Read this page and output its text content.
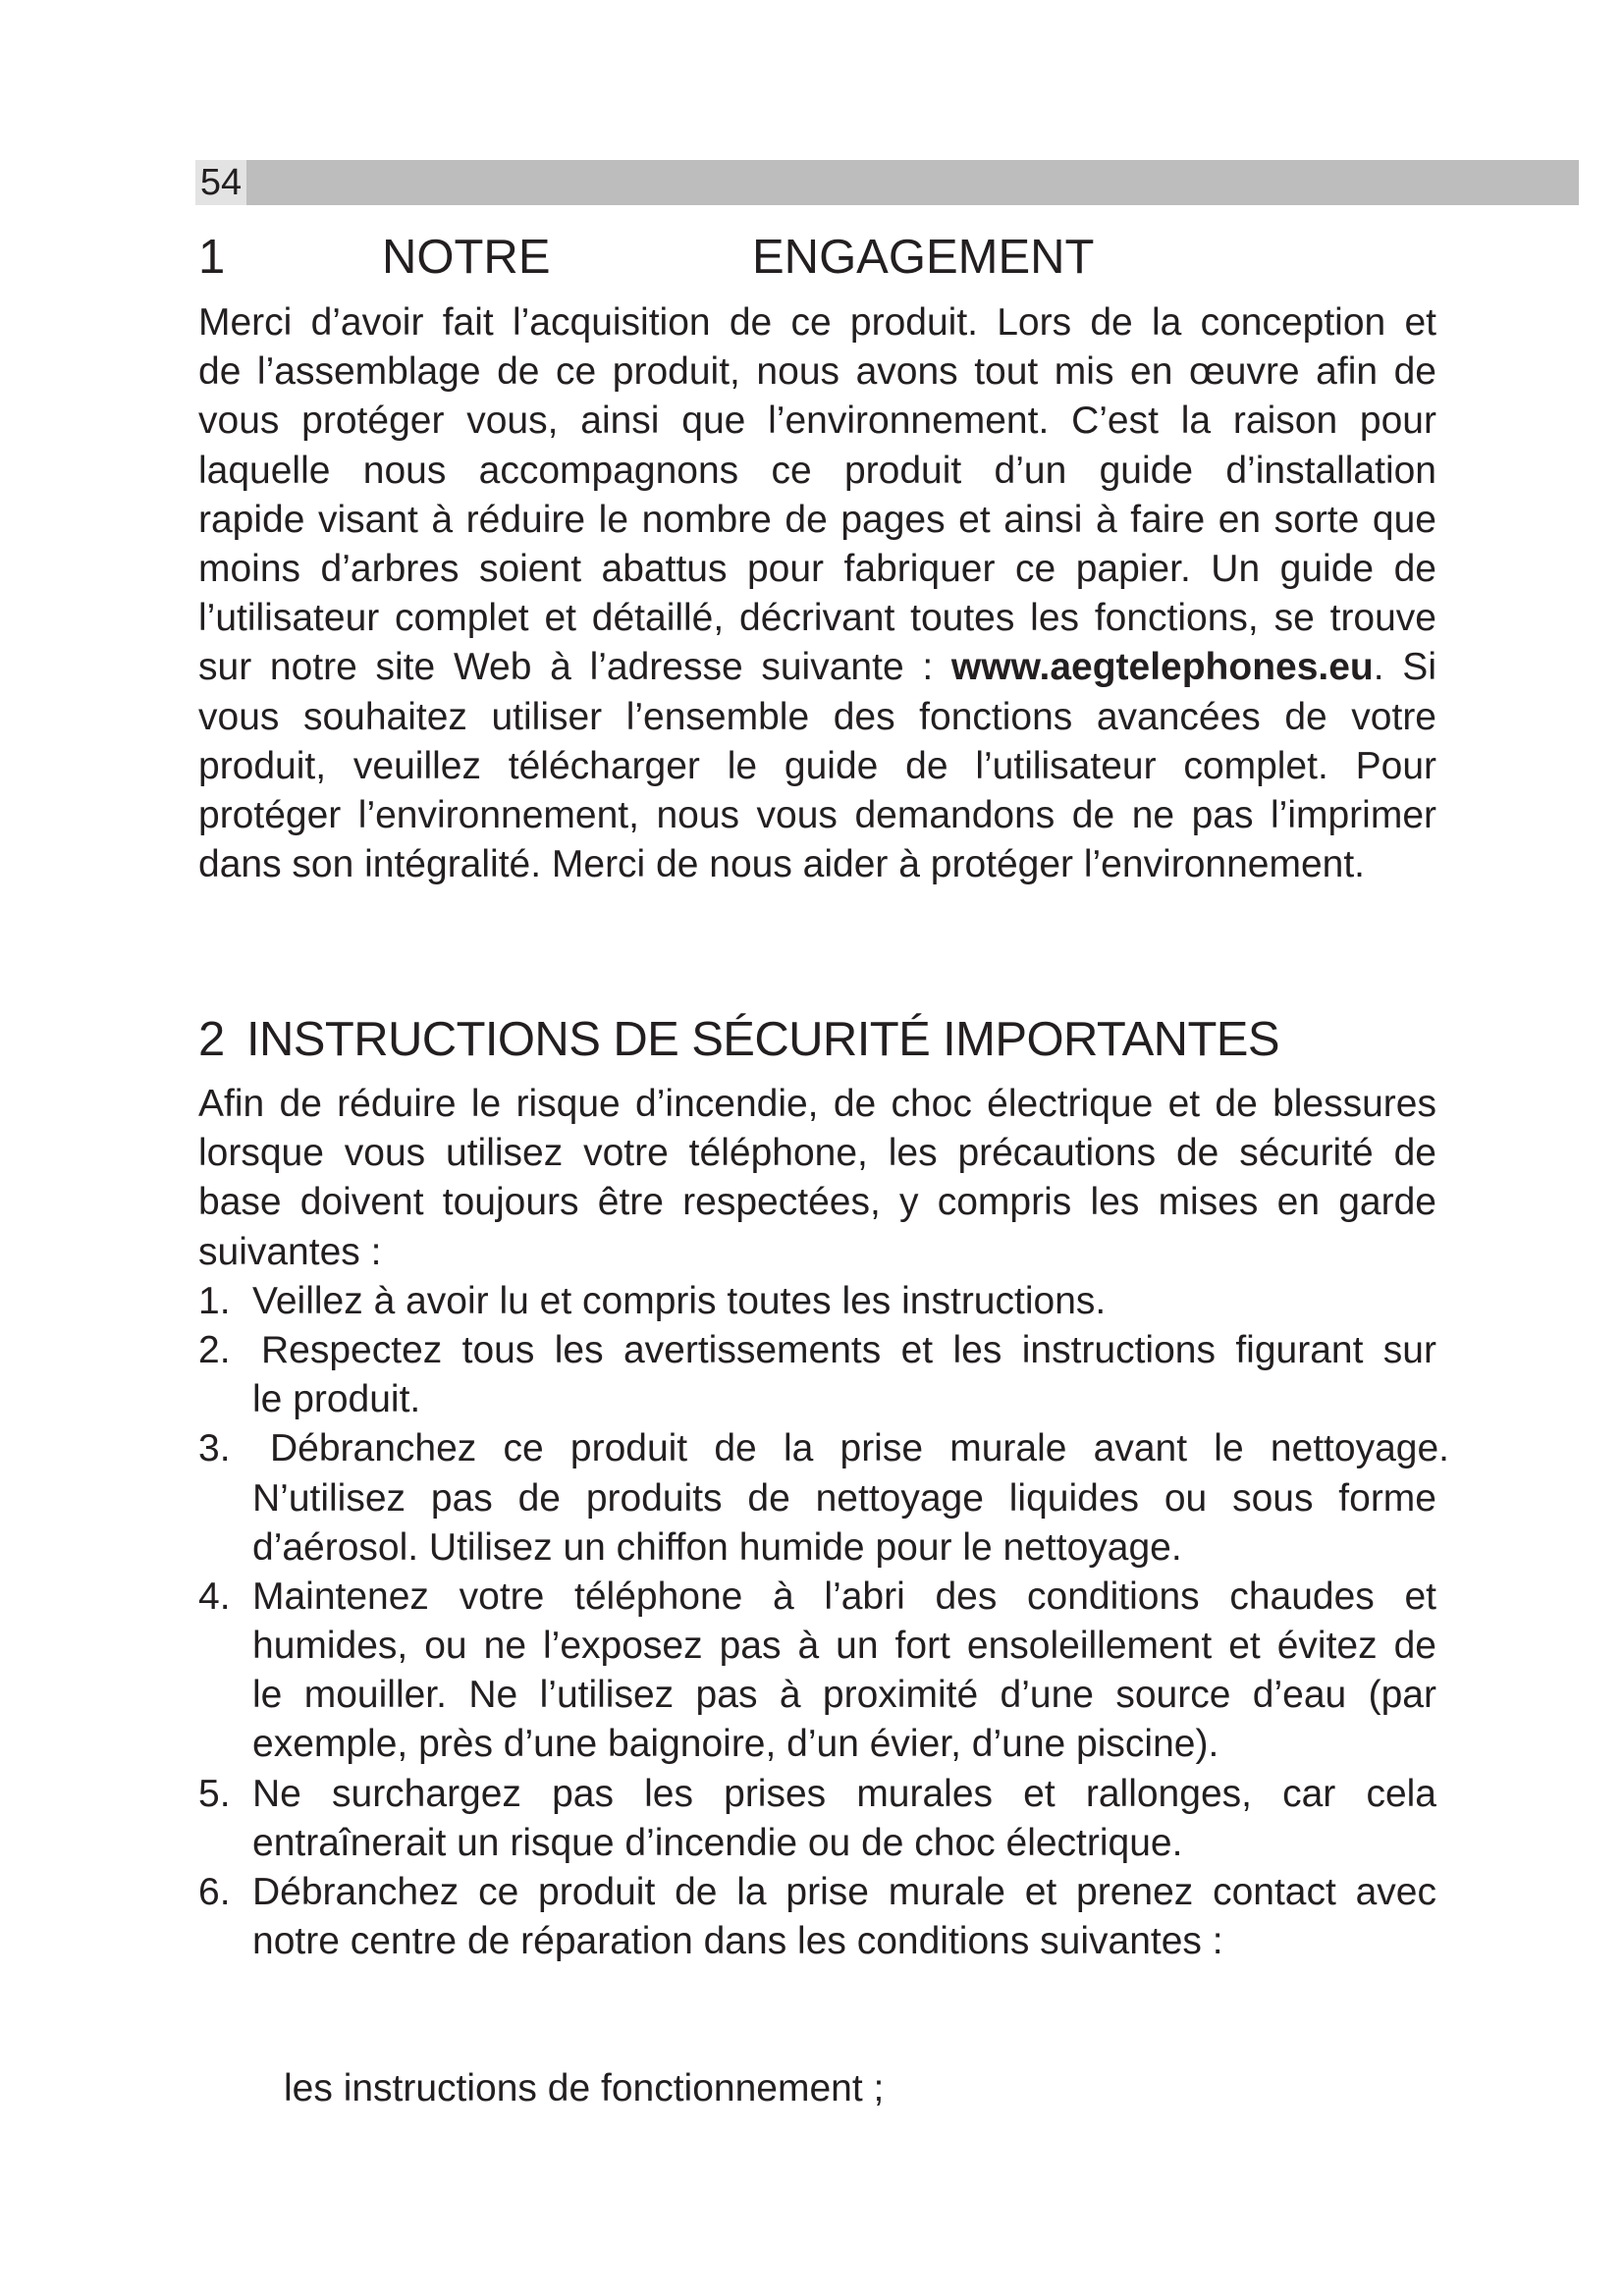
54
1	NOTRE	ENGAGEMENT
Merci d’avoir fait l’acquisition de ce produit. Lors de la conception et
de l’assemblage de ce produit, nous avons tout mis en œuvre afin de
vous protéger vous, ainsi que l’environnement. C’est la raison pour
laquelle nous accompagnons ce produit d’un guide d’installation
rapide visant à réduire le nombre de pages et ainsi à faire en sorte que
moins d’arbres soient abattus pour fabriquer ce papier. Un guide de
l’utilisateur complet et détaillé, décrivant toutes les fonctions, se trouve
sur notre site Web à l’adresse suivante : www.aegtelephones.eu. Si
vous souhaitez utiliser l’ensemble des fonctions avancées de votre
produit, veuillez télécharger le guide de l’utilisateur complet. Pour
protéger l’environnement, nous vous demandons de ne pas l’imprimer
dans son intégralité. Merci de nous aider à protéger l’environnement.
2 INSTRUCTIONS DE SÉCURITÉ IMPORTANTES
Afin de réduire le risque d’incendie, de choc électrique et de blessures
lorsque vous utilisez votre téléphone, les précautions de sécurité de
base doivent toujours être respectées, y compris les mises en garde
suivantes :
1. Veillez à avoir lu et compris toutes les instructions.
2. Respectez tous les avertissements et les instructions figurant sur
le produit.
3.	Débranchez ce produit de la prise murale avant le nettoyage.
N’utilisez pas de produits de nettoyage liquides ou sous forme
d’aérosol. Utilisez un chiffon humide pour le nettoyage.
4. Maintenez votre téléphone à l’abri des conditions chaudes et
humides, ou ne l’exposez pas à un fort ensoleillement et évitez de
le mouiller. Ne l’utilisez pas à proximité d’une source d’eau (par
exemple, près d’une baignoire, d’un évier, d’une piscine).
5. Ne surchargez pas les prises murales et rallonges, car cela
entraînerait un risque d’incendie ou de choc électrique.
6. Débranchez ce produit de la prise murale et prenez contact avec
notre centre de réparation dans les conditions suivantes :
les instructions de fonctionnement ;
